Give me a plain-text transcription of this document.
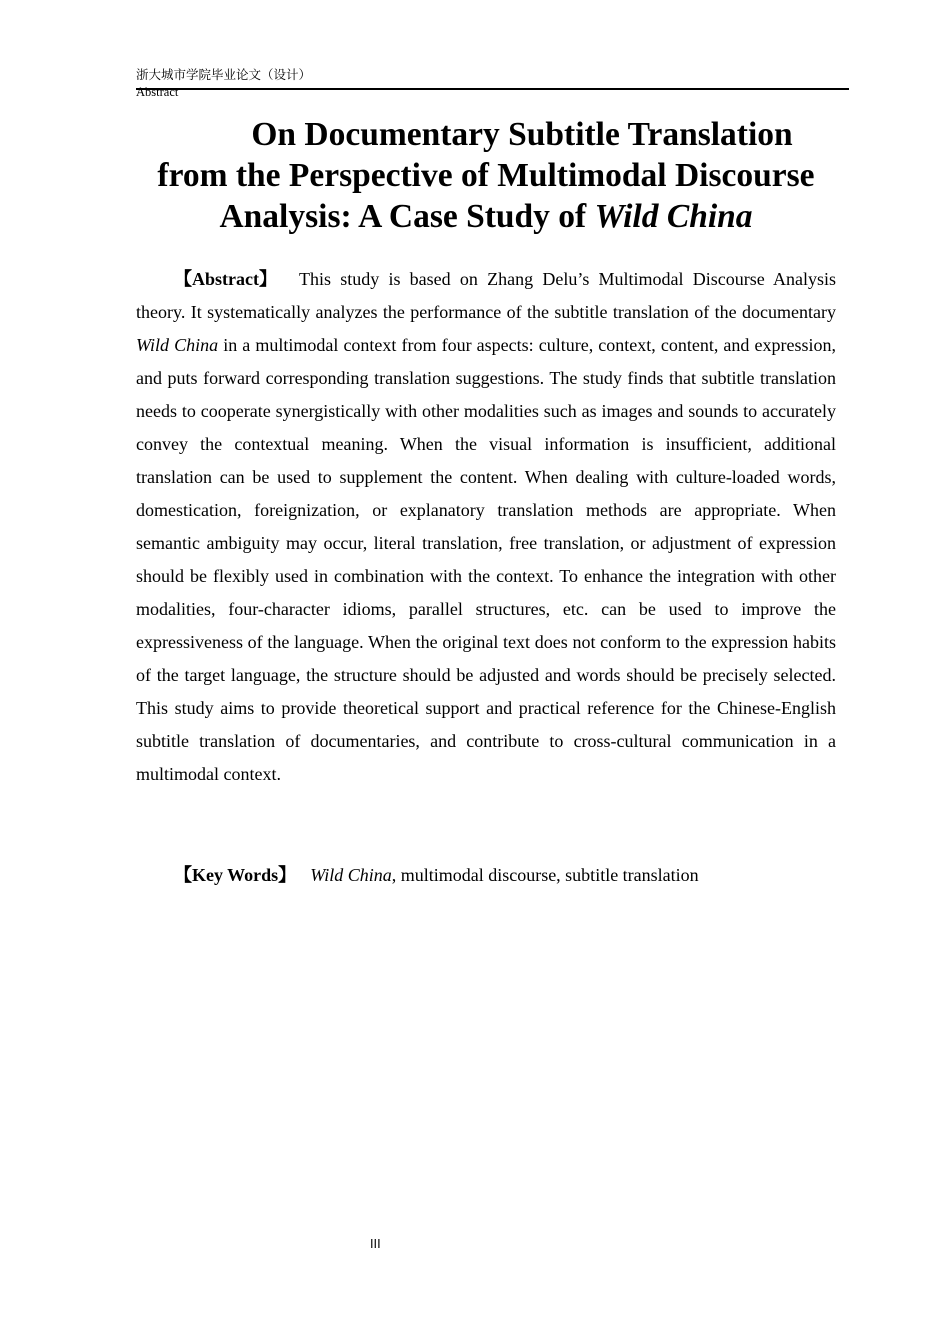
浙大城市学院毕业论文（设计）
Abstract
On Documentary Subtitle Translation
from the Perspective of Multimodal Discourse
Analysis: A Case Study of Wild China

【Abstract】 This study is based on Zhang Delu’s Multimodal Discourse Analysis theory. It systematically analyzes the performance of the subtitle translation of the documentary Wild China in a multimodal context from four aspects: culture, context, content, and expression, and puts forward corresponding translation suggestions. The study finds that subtitle translation needs to cooperate synergistically with other modalities such as images and sounds to accurately convey the contextual meaning. When the visual information is insufficient, additional translation can be used to supplement the content. When dealing with culture-loaded words, domestication, foreignization, or explanatory translation methods are appropriate. When semantic ambiguity may occur, literal translation, free translation, or adjustment of expression should be flexibly used in combination with the context. To enhance the integration with other modalities, four-character idioms, parallel structures, etc. can be used to improve the expressiveness of the language. When the original text does not conform to the expression habits of the target language, the structure should be adjusted and words should be precisely selected. This study aims to provide theoretical support and practical reference for the Chinese-English subtitle translation of documentaries, and contribute to cross-cultural communication in a multimodal context.

【Key Words】 Wild China, multimodal discourse, subtitle translation

III
